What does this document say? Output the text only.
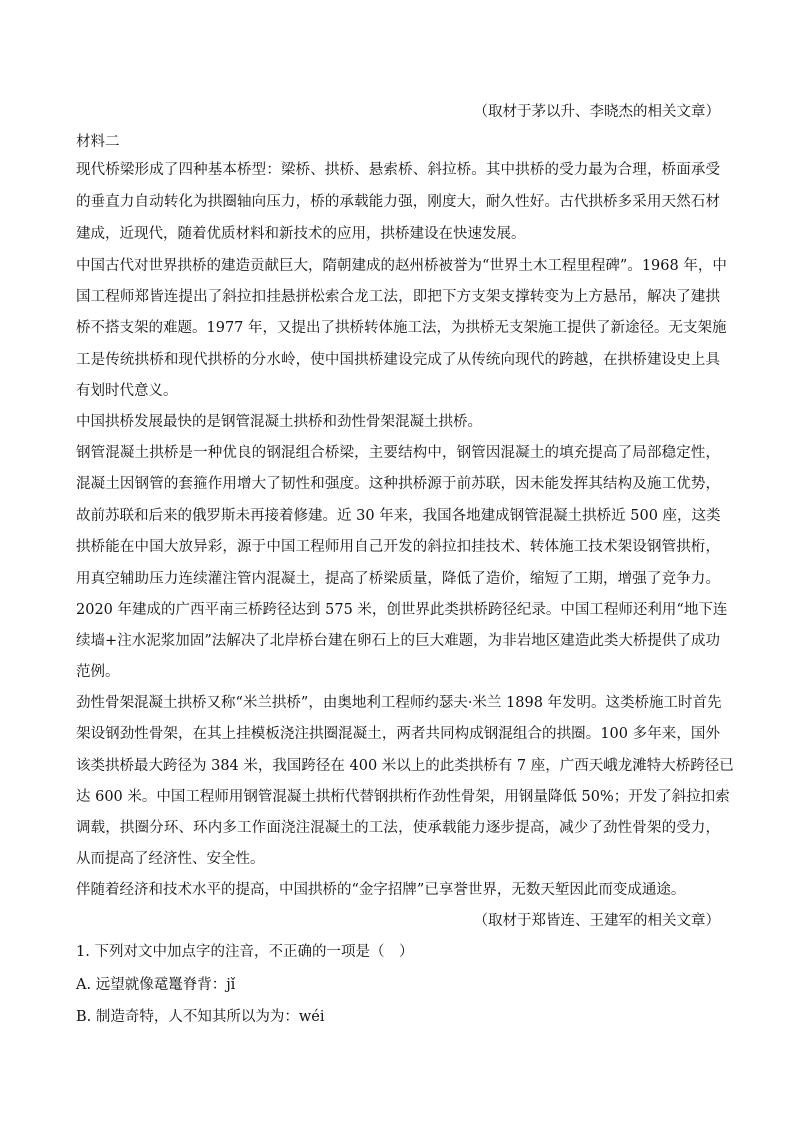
（取材于茅以升、李晓杰的相关文章）
材料二
现代桥梁形成了四种基本桥型：梁桥、拱桥、悬索桥、斜拉桥。其中拱桥的受力最为合理，桥面承受
的垂直力自动转化为拱圈轴向压力，桥的承载能力强，刚度大，耐久性好。古代拱桥多采用天然石材
建成，近现代，随着优质材料和新技术的应用，拱桥建设在快速发展。
中国古代对世界拱桥的建造贡献巨大，隋朝建成的赵州桥被誉为“世界土木工程里程碑”。1968 年，中
国工程师郑皆连提出了斜拉扣挂悬拼松索合龙工法，即把下方支架支撑转变为上方悬吊，解决了建拱
桥不搭支架的难题。1977 年，又提出了拱桥转体施工法，为拱桥无支架施工提供了新途径。无支架施
工是传统拱桥和现代拱桥的分水岭，使中国拱桥建设完成了从传统向现代的跨越，在拱桥建设史上具
有划时代意义。
中国拱桥发展最快的是钢管混凝土拱桥和劲性骨架混凝土拱桥。
钢管混凝土拱桥是一种优良的钢混组合桥梁，主要结构中，钢管因混凝土的填充提高了局部稳定性，
混凝土因钢管的套箍作用增大了韧性和强度。这种拱桥源于前苏联，因未能发挥其结构及施工优势，
故前苏联和后来的俄罗斯未再接着修建。近 30 年来，我国各地建成钢管混凝土拱桥近 500 座，这类
拱桥能在中国大放异彩，源于中国工程师用自己开发的斜拉扣挂技术、转体施工技术架设钢管拱桁，
用真空辅助压力连续灌注管内混凝土，提高了桥梁质量，降低了造价，缩短了工期，增强了竞争力。
2020 年建成的广西平南三桥跨径达到 575 米，创世界此类拱桥跨径纪录。中国工程师还利用“地下连
续墙+注水泥浆加固”法解决了北岸桥台建在卵石上的巨大难题，为非岩地区建造此类大桥提供了成功
范例。
劲性骨架混凝土拱桥又称“米兰拱桥”，由奥地利工程师约瑟夫·米兰 1898 年发明。这类桥施工时首先
架设钢劲性骨架，在其上挂模板浇注拱圈混凝土，两者共同构成钢混组合的拱圈。100 多年来，国外
该类拱桥最大跨径为 384 米，我国跨径在 400 米以上的此类拱桥有 7 座，广西天峨龙滩特大桥跨径已
达 600 米。中国工程师用钢管混凝土拱桁代替钢拱桁作劲性骨架，用钢量降低 50%；开发了斜拉扣索
调载，拱圈分环、环内多工作面浇注混凝土的工法，使承载能力逐步提高，减少了劲性骨架的受力，
从而提高了经济性、安全性。
伴随着经济和技术水平的提高，中国拱桥的“金字招牌”已享誉世界，无数天堑因此而变成通途。
（取材于郑皆连、王建军的相关文章）
1. 下列对文中加点字的注音，不正确的一项是（　）
A. 远望就像鼋鼍脊背：jǐ
B. 制造奇特，人不知其所以为为：wéi
